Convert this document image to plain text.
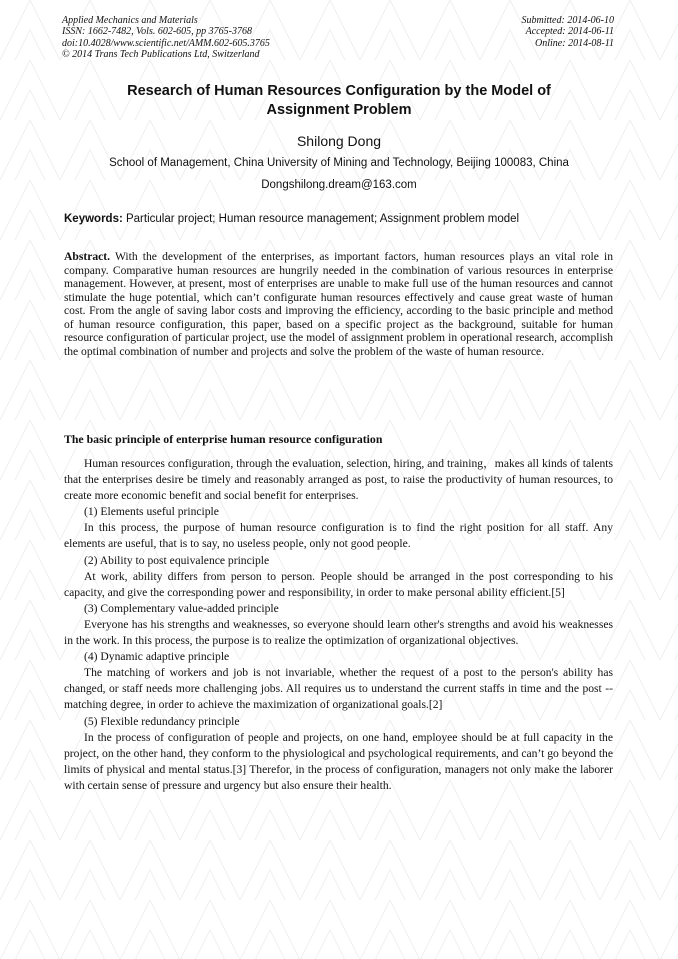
Applied Mechanics and Materials
ISSN: 1662-7482, Vols. 602-605, pp 3765-3768
doi:10.4028/www.scientific.net/AMM.602-605.3765
© 2014 Trans Tech Publications Ltd, Switzerland
Submitted: 2014-06-10
Accepted: 2014-06-11
Online: 2014-08-11
Research of Human Resources Configuration by the Model of Assignment Problem
Shilong Dong
School of Management, China University of Mining and Technology, Beijing 100083, China
Dongshilong.dream@163.com
Keywords: Particular project; Human resource management; Assignment problem model
Abstract. With the development of the enterprises, as important factors, human resources plays an vital role in company. Comparative human resources are hungrily needed in the combination of various resources in enterprise management. However, at present, most of enterprises are unable to make full use of the human resources and cannot stimulate the huge potential, which can’t configurate human resources effectively and cause great waste of human cost. From the angle of saving labor costs and improving the efficiency, according to the basic principle and method of human resource configuration, this paper, based on a specific project as the background, suitable for human resource configuration of particular project, use the model of assignment problem in operational research, accomplish the optimal combination of number and projects and solve the problem of the waste of human resource.
The basic principle of enterprise human resource configuration

Human resources configuration, through the evaluation, selection, hiring, and training，makes all kinds of talents that the enterprises desire be timely and reasonably arranged as post, to raise the productivity of human resources, to create more economic benefit and social benefit for enterprises.

(1) Elements useful principle

In this process, the purpose of human resource configuration is to find the right position for all staff. Any elements are useful, that is to say, no useless people, only not good people.

(2) Ability to post equivalence principle

At work, ability differs from person to person. People should be arranged in the post corresponding to his capacity, and give the corresponding power and responsibility, in order to make personal ability efficient.[5]

(3) Complementary value-added principle

Everyone has his strengths and weaknesses, so everyone should learn other's strengths and avoid his weaknesses in the work. In this process, the purpose is to realize the optimization of organizational objectives.

(4) Dynamic adaptive principle

The matching of workers and job is not invariable, whether the request of a post to the person's ability has changed, or staff needs more challenging jobs. All requires us to understand the current staffs in time and the post --matching degree, in order to achieve the maximization of organizational goals.[2]

(5) Flexible redundancy principle

In the process of configuration of people and projects, on one hand, employee should be at full capacity in the project, on the other hand, they conform to the physiological and psychological requirements, and can’t go beyond the limits of physical and mental status.[3] Therefor, in the process of configuration, managers not only make the laborer with certain sense of pressure and urgency but also ensure their health.
